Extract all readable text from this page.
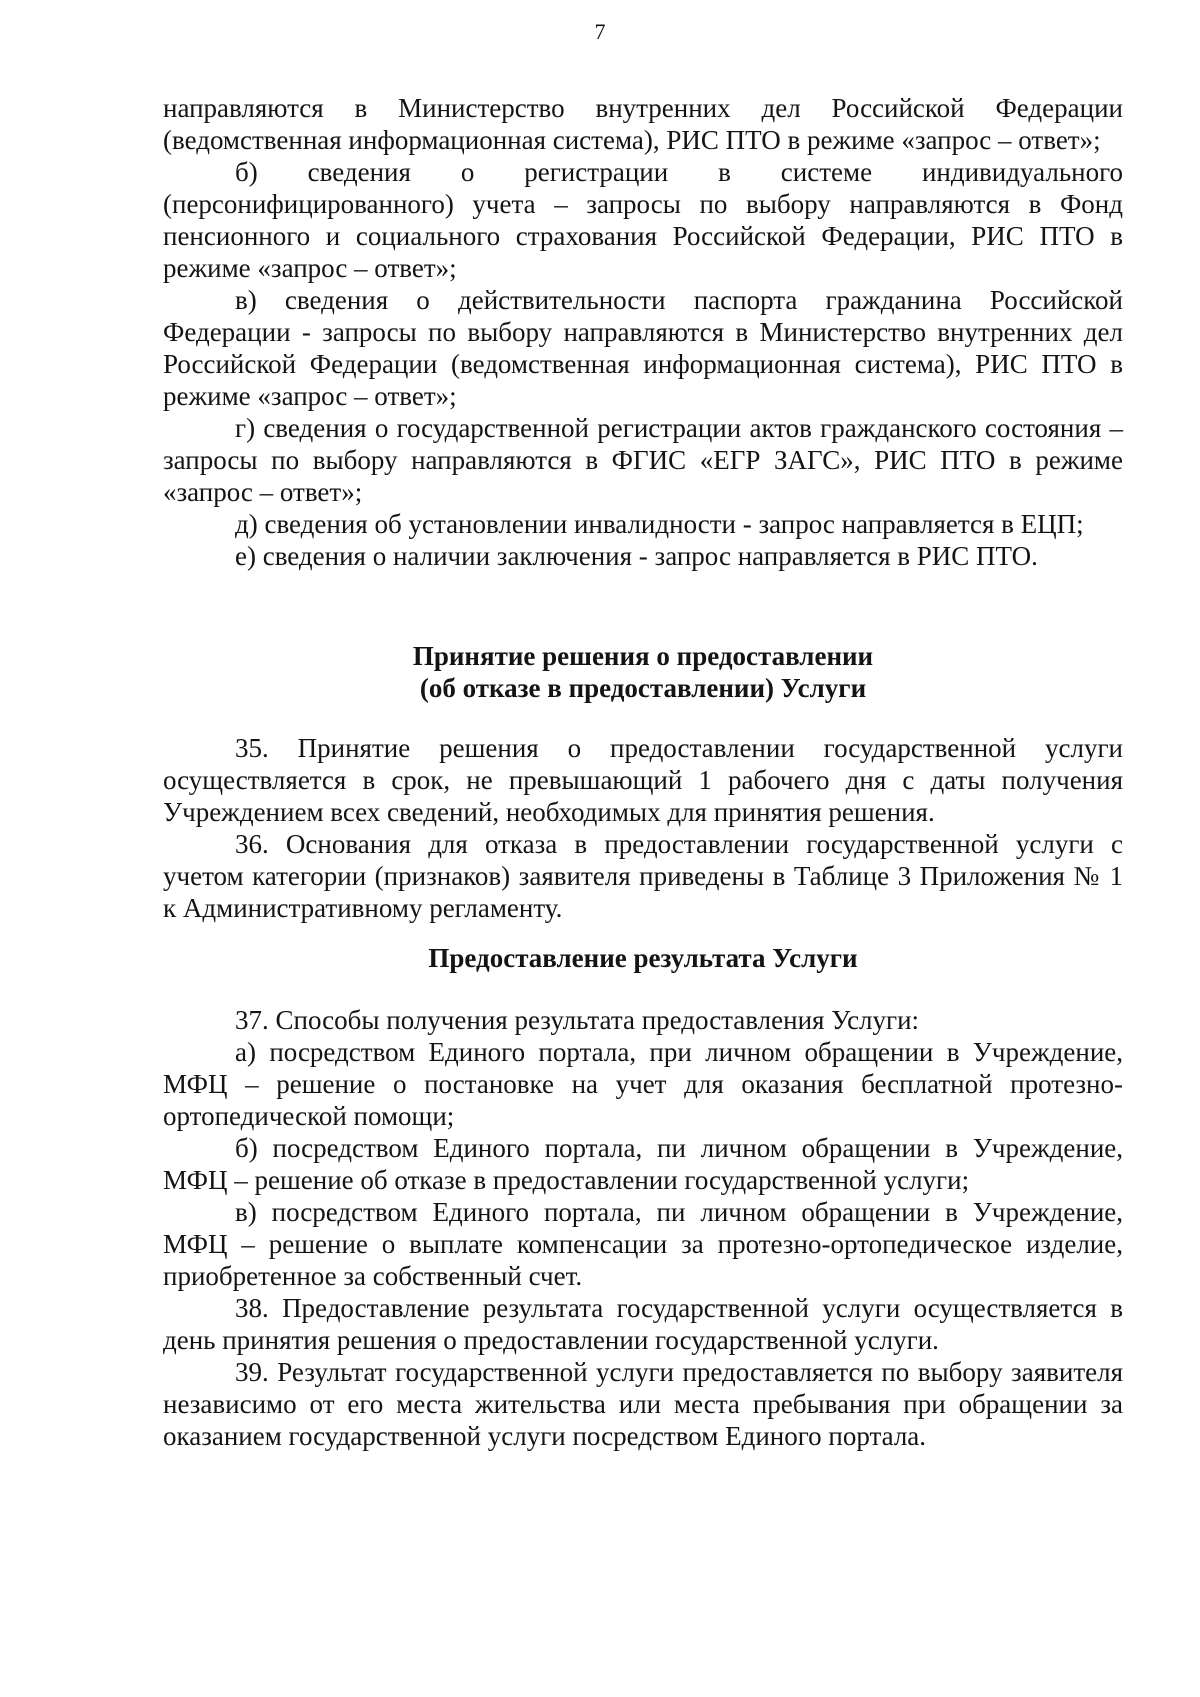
7

направляются в Министерство внутренних дел Российской Федерации (ведомственная информационная система), РИС ПТО в режиме «запрос – ответ»;

б) сведения о регистрации в системе индивидуального (персонифицированного) учета – запросы по выбору направляются в Фонд пенсионного и социального страхования Российской Федерации, РИС ПТО в режиме «запрос – ответ»;

в) сведения о действительности паспорта гражданина Российской Федерации - запросы по выбору направляются в Министерство внутренних дел Российской Федерации (ведомственная информационная система), РИС ПТО в режиме «запрос – ответ»;

г) сведения о государственной регистрации актов гражданского состояния – запросы по выбору направляются в ФГИС «ЕГР ЗАГС», РИС ПТО в режиме «запрос – ответ»;

д) сведения об установлении инвалидности - запрос направляется в ЕЦП;

е) сведения о наличии заключения - запрос направляется в РИС ПТО.

Принятие решения о предоставлении
(об отказе в предоставлении) Услуги

35. Принятие решения о предоставлении государственной услуги осуществляется в срок, не превышающий 1 рабочего дня с даты получения Учреждением всех сведений, необходимых для принятия решения.

36. Основания для отказа в предоставлении государственной услуги с учетом категории (признаков) заявителя приведены в Таблице 3 Приложения № 1 к Административному регламенту.

Предоставление результата Услуги

37. Способы получения результата предоставления Услуги:

а) посредством Единого портала, при личном обращении в Учреждение, МФЦ – решение о постановке на учет для оказания бесплатной протезно-ортопедической помощи;

б) посредством Единого портала, пи личном обращении в Учреждение, МФЦ – решение об отказе в предоставлении государственной услуги;

в) посредством Единого портала, пи личном обращении в Учреждение, МФЦ – решение о выплате компенсации за протезно-ортопедическое изделие, приобретенное за собственный счет.

38. Предоставление результата государственной услуги осуществляется в день принятия решения о предоставлении государственной услуги.

39. Результат государственной услуги предоставляется по выбору заявителя независимо от его места жительства или места пребывания при обращении за оказанием государственной услуги посредством Единого портала.
